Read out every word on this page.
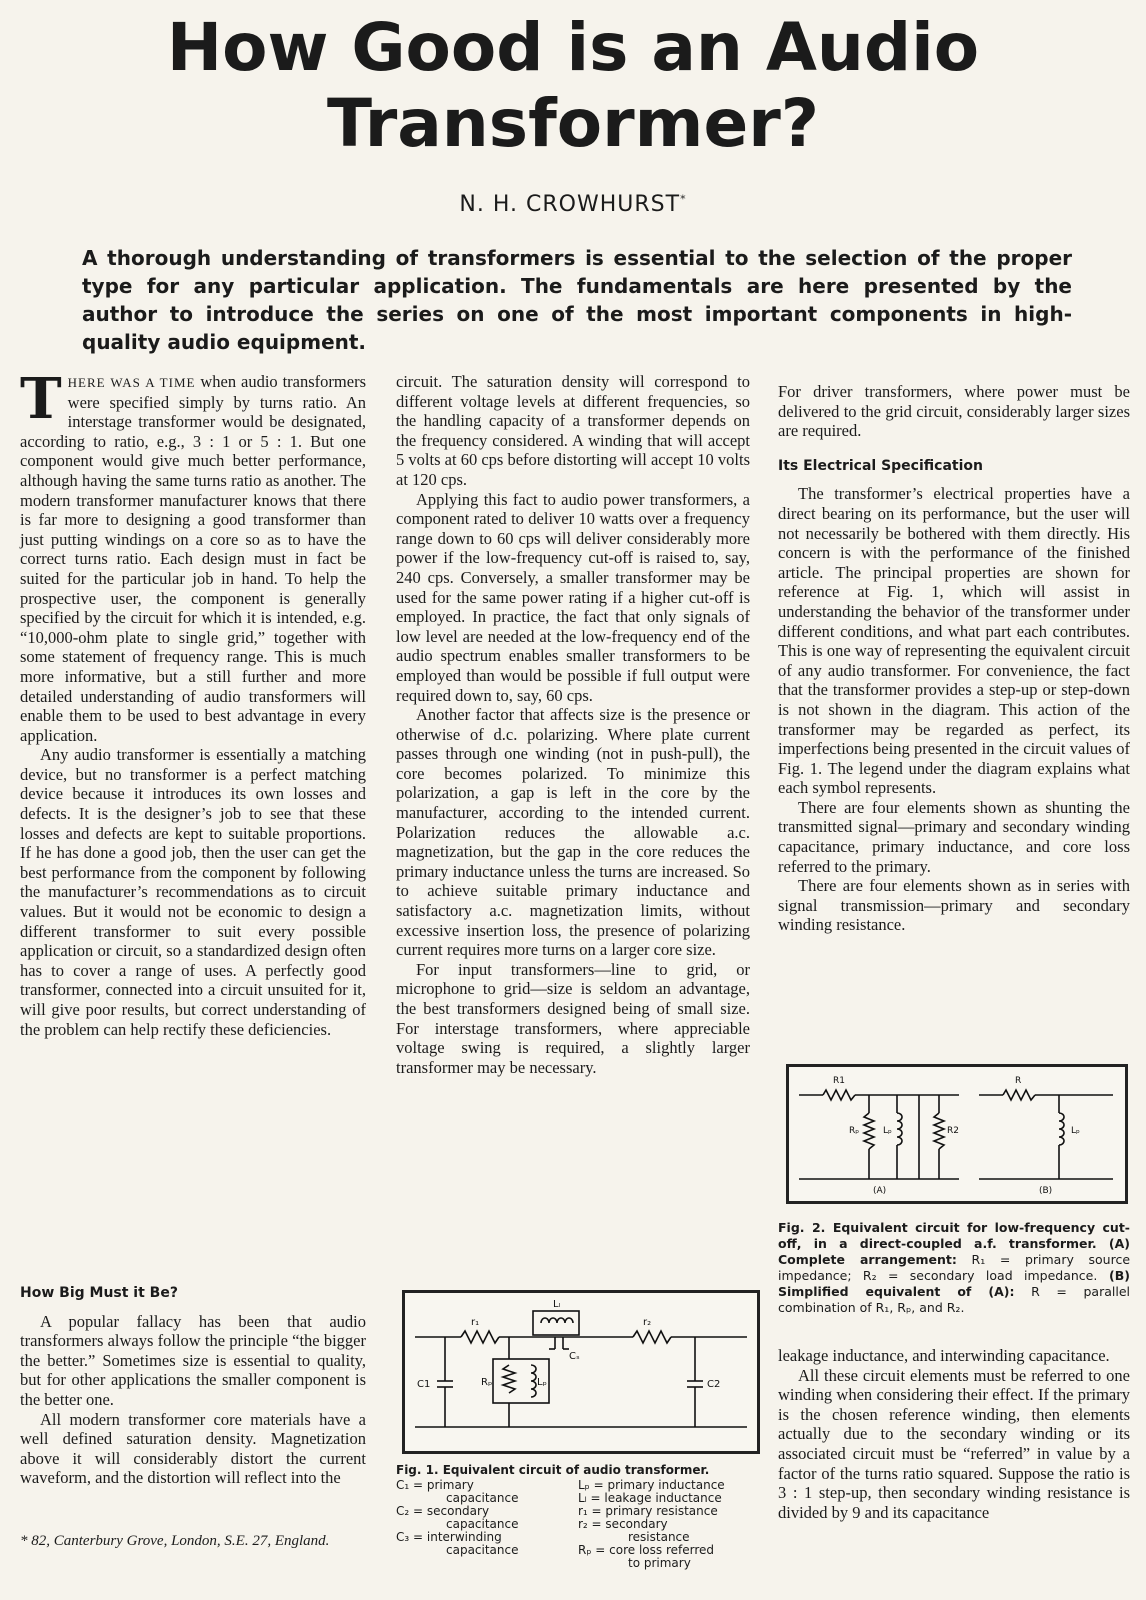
How Good is an Audio Transformer?
N. H. CROWHURST*

A thorough understanding of transformers is essential to the selection of the proper type for any particular application. The fundamentals are here presented by the author to introduce the series on one of the most important components in high-quality audio equipment.

THERE WAS A TIME when audio transformers were specified simply by turns ratio. An interstage transformer would be designated, according to ratio, e.g., 3 : 1 or 5 : 1. But one component would give much better performance, although having the same turns ratio as another. The modern transformer manufacturer knows that there is far more to designing a good transformer than just putting windings on a core so as to have the correct turns ratio. Each design must in fact be suited for the particular job in hand. To help the prospective user, the component is generally specified by the circuit for which it is intended, e.g. “10,000-ohm plate to single grid,” together with some statement of frequency range. This is much more informative, but a still further and more detailed understanding of audio transformers will enable them to be used to best advantage in every application.

Any audio transformer is essentially a matching device, but no transformer is a perfect matching device because it introduces its own losses and defects. It is the designer’s job to see that these losses and defects are kept to suitable proportions. If he has done a good job, then the user can get the best performance from the component by following the manufacturer’s recommendations as to circuit values. But it would not be economic to design a different transformer to suit every possible application or circuit, so a standardized design often has to cover a range of uses. A perfectly good transformer, connected into a circuit unsuited for it, will give poor results, but correct understanding of the problem can help rectify these deficiencies.

How Big Must it Be?

A popular fallacy has been that audio transformers always follow the principle “the bigger the better.” Sometimes size is essential to quality, but for other applications the smaller component is the better one.

All modern transformer core materials have a well defined saturation density. Magnetization above it will considerably distort the current waveform, and the distortion will reflect into the

* 82, Canterbury Grove, London, S.E. 27, England.

circuit. The saturation density will correspond to different voltage levels at different frequencies, so the handling capacity of a transformer depends on the frequency considered. A winding that will accept 5 volts at 60 cps before distorting will accept 10 volts at 120 cps.

Applying this fact to audio power transformers, a component rated to deliver 10 watts over a frequency range down to 60 cps will deliver considerably more power if the low-frequency cut-off is raised to, say, 240 cps. Conversely, a smaller transformer may be used for the same power rating if a higher cut-off is employed. In practice, the fact that only signals of low level are needed at the low-frequency end of the audio spectrum enables smaller transformers to be employed than would be possible if full output were required down to, say, 60 cps.

Another factor that affects size is the presence or otherwise of d.c. polarizing. Where plate current passes through one winding (not in push-pull), the core becomes polarized. To minimize this polarization, a gap is left in the core by the manufacturer, according to the intended current. Polarization reduces the allowable a.c. magnetization, but the gap in the core reduces the primary inductance unless the turns are increased. So to achieve suitable primary inductance and satisfactory a.c. magnetization limits, without excessive insertion loss, the presence of polarizing current requires more turns on a larger core size.

For input transformers—line to grid, or microphone to grid—size is seldom an advantage, the best transformers designed being of small size. For interstage transformers, where appreciable voltage swing is required, a slightly larger transformer may be necessary.

r₁	r₂
Lₗ
Cₛ
C1	C2
Rₚ	Lₚ
Fig. 1. Equivalent circuit of audio transformer.
C₁ = primary
capacitance
C₂ = secondary
capacitance
C₃ = interwinding
capacitance
Lₚ = primary inductance
Lₗ = leakage inductance
r₁ = primary resistance
r₂ = secondary
resistance
Rₚ = core loss referred
to primary

For driver transformers, where power must be delivered to the grid circuit, considerably larger sizes are required.

Its Electrical Specification

The transformer’s electrical properties have a direct bearing on its performance, but the user will not necessarily be bothered with them directly. His concern is with the performance of the finished article. The principal properties are shown for reference at Fig. 1, which will assist in understanding the behavior of the transformer under different conditions, and what part each contributes. This is one way of representing the equivalent circuit of any audio transformer. For convenience, the fact that the transformer provides a step-up or step-down is not shown in the diagram. This action of the transformer may be regarded as perfect, its imperfections being presented in the circuit values of Fig. 1. The legend under the diagram explains what each symbol represents.

There are four elements shown as shunting the transmitted signal—primary and secondary winding capacitance, primary inductance, and core loss referred to the primary.

There are four elements shown as in series with signal transmission—primary and secondary winding resistance.

R1	R
Rₚ	Lₚ	R2	Lₚ
(A)	(B)
Fig. 2. Equivalent circuit for low-frequency cut-off, in a direct-coupled a.f. transformer. (A) Complete arrangement: R₁ = primary source impedance; R₂ = secondary load impedance. (B) Simplified equivalent of (A): R = parallel combination of R₁, Rₚ, and R₂.

leakage inductance, and interwinding capacitance.

All these circuit elements must be referred to one winding when considering their effect. If the primary is the chosen reference winding, then elements actually due to the secondary winding or its associated circuit must be “referred” in value by a factor of the turns ratio squared. Suppose the ratio is 3 : 1 step-up, then secondary winding resistance is divided by 9 and its capacitance
